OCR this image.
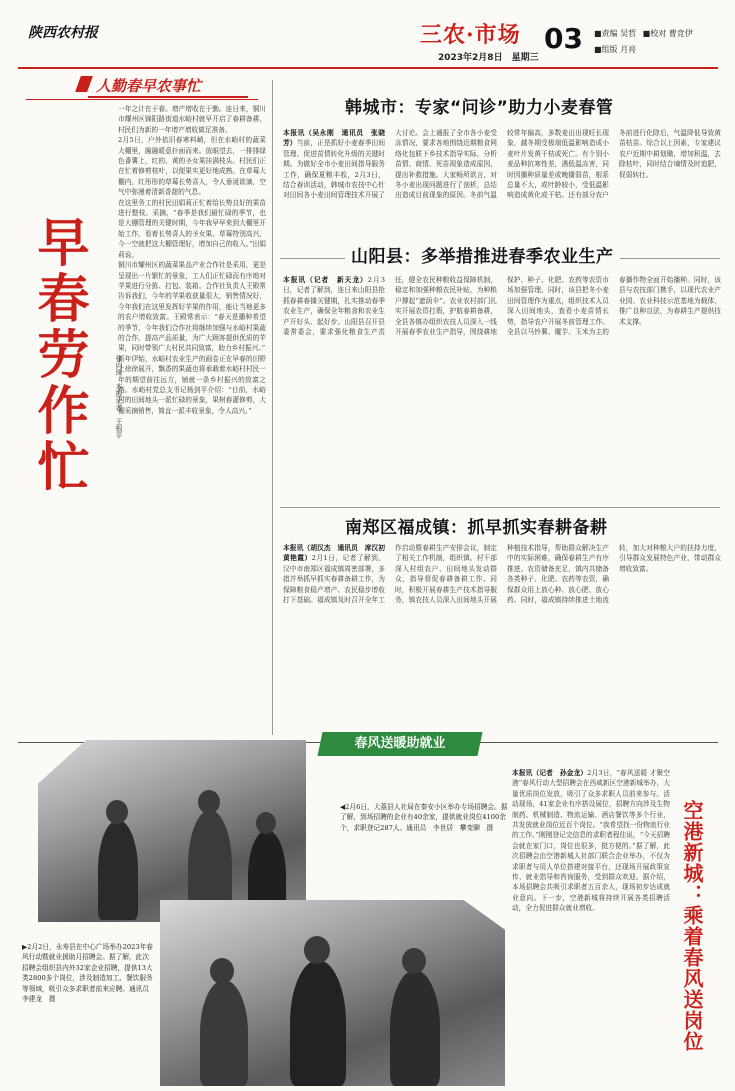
陕西农村报	三农·市场
2023年2月8日　星期三
03 ■责编 吴哲 ■校对 曹竞伊
■组版 月亮
人勤春早农事忙
早春劳作忙	张向珠　本报记者　王根平
一年之计在于春。增产增收在于勤。连日来，铜川市耀州区锦阳路街道水峪村就早开启了春耕备耕，村民们为新的一年增产增收做足准备。
2月5日，户外依旧春寒料峭，但在水峪村的蔬菜大棚里，融融暖意扑面而来。放眼望去，一排排绿色番薯上，红的、黄的圣女果挂满枝头。村民们正在忙着修剪枝叶，以便果实更好地成熟。在草莓大棚内，红彤彤的草莓长势喜人，令人垂涎欲滴，空气中弥漫着清新香甜的气息。
在这里务工的村民田娟莉正忙着给长势良好的果苗进行整枝、采摘，“春季是我们最忙碌的季节，也是大棚管理的关键时期，今年我早早来到大棚里开始工作，看着长势喜人的圣女果、草莓特别高兴，今一空就把这大棚管理好，增加自己的收入。”田娟莉说。
铜川市耀州区的蔬菜果品产业合作社是采用，更是呈现出一片繁忙的景象，工人们正忙碌而有序地对苹果进行分拣、打包、装箱。合作社负责人王殿常告诉我们，今年的苹果收获量很大，销售情况好，今年我们在这里发挥好苹果的作用，能让当地更多的农户增收致富。王殿常表示：“春天是播种希望的季节，今年我们合作社将继续加强与水峪村果蔬的合作，提高产品质量，为广大顾客提供优质的苹果，同时带领广大村民共同致富，助力乡村振兴。”
新年伊始，水峪村农业生产的画卷正在早春的田野上徐徐展开，飘香的果蔬也将承载着水峪村村民一年的期望前往远方，铺就一条乡村振兴的致富之路。水峪村党总支书记杨剑平介绍：“目前，水峪村的田间地头一派忙碌的景象，果树春灌修剪，大棚采摘销售，简直一派丰收景象，令人高兴。”
韩城市：专家“问诊”助力小麦春管
本报讯（吴永刚　通讯员　张晓芳）当前，正是抓好小麦春季田间管理、促进苗情转化升级的关键时期。为做好全市小麦田间指导服务工作，确保夏粮丰收，2月3日，结合春训活动，韩城市农技中心针对田间各小麦田间管理技术开展了大讨论。会上通报了全市各小麦受冻情况，要求各地围绕近期粮食网络化包联下乡技术指导实际，分析苗情、商情、死苗现象造成原因，提出补救措施。大家畅所欲言，对冬小麦出现问题进行了剖析，总结出造成目前现象的原因。冬前气温较常年偏高，多数麦田出现旺长现象，越冬期受极端低温影响造成小麦叶片发黄干枯或死亡。有个别小麦品种抗寒性差，遇低温冻害，同时因播种质量差或晚播弱苗，根系总量不大，或叶龄较小，受低温影响造成黄化或干枯。还有部分农户冬前进行化除后，气温降低导致黄苗枯苗。综合以上因素，专家建议农户近期中耕划锄，增加积温，去除枯叶，同时结合墒情及时追肥，促弱转壮。
山阳县：多举措推进春季农业生产
本报讯（记者　新天龙）2月3日，记者了解到，连日来山阳县抢抓春耕春播关键期，扎实推动春季农业生产，确保全年粮食和农业生产开好头、起好步。山阳县召开县委常委会，要求强化粮食生产责任，健全农民种粮收益保障机制，稳定和加强种粮农民补贴，为种粮户撑起“遮荫伞”。农业农村部门扎实开展农资打假，护航春耕备耕，全县各镇办组织农技人员深入一线开展春季农业生产指导，围绕耕地保护、种子、化肥、农药等农资市场加强管理。同时，该县把冬小麦田间管理作为重点，组织技术人员深入田间地头，查看小麦苗情长势，指导农户开展冬前管理工作。全县以马铃薯、魔芋、玉米为主的春播作物全面开始播种。同时，该县与农技部门携手，以现代农业产业园、农业科技示范基地为载体，推广良种良法，为春耕生产提供技术支撑。
南郑区福成镇：抓早抓实春耕备耕
本报讯（胡汉杰　通讯员　席汉初　黄艳霞）2月1日，记者了解到，汉中市南郑区福成镇周密部署，多措并举抓早抓实春耕备耕工作，为保障粮食稳产增产、农民稳步增收打下基础。福成镇及时召开全年工作启动暨春耕生产安排会议，制定了相关工作机制，组织镇、村干部深入村组农户、田间地头发动群众，指导督促春耕备耕工作。同时，积极开展春耕生产技术指导服务，镇农技人员深入田间地头开展种植技术指导，帮助群众解决生产中的实际困难，确保春耕生产有序推进。农资储备充足，镇内共储备各类种子、化肥、农药等农资，确保群众用上放心种、放心肥、放心药。同时，福成镇持续推进土地流转，加大对种粮大户的扶持力度，引导群众发展特色产业，带动群众增收致富。
春风送暖助就业
◀2月6日，大荔县人社局在秦安小区举办专场招聘会。据了解，到场招聘的企业有40余家，提供就业岗位4100余个，求职登记287人。通讯员　李世居　攀变聊　摄
▶2月2日，永寿县在中心广场举办2023年春风行动暨就业援助月招聘会。据了解，此次招聘会组织县内外32家企业招聘，提供13大类2800多个岗位，涉及制造加工、餐饮服务等领域，吸引众多求职者前来应聘。通讯员　李建龙　摄
本报讯（记者　孙金龙）2月3日，“春风送暖 才聚空港”春风行动大型招聘会在西咸新区空港新城举办，大量优质岗位发放，吸引了众多求职人员前来参与。活动现场，41家企业有序搭设展位，招聘方向涉及生物制药、机械制造、物流运输、酒店餐饮等多个行业，共发放就业岗位近百个岗位。“我希望找一份物流行业的工作。”刚刚登记完信息的求职者程佳说，“今天招聘会就在家门口，岗位也很多，挺方便的。”据了解，此次招聘会由空港新城人社部门联合企业举办，不仅为求职者与用人单位搭建对接平台，还现场开展政策宣传、就业指导和咨询服务，受到群众欢迎。据介绍，本场招聘会共吸引求职者五百余人，现场初步达成就业意向。下一步，空港新城将持续开展各类招聘活动，全力促进群众就业增收。	空港新城：乘着春风送岗位
